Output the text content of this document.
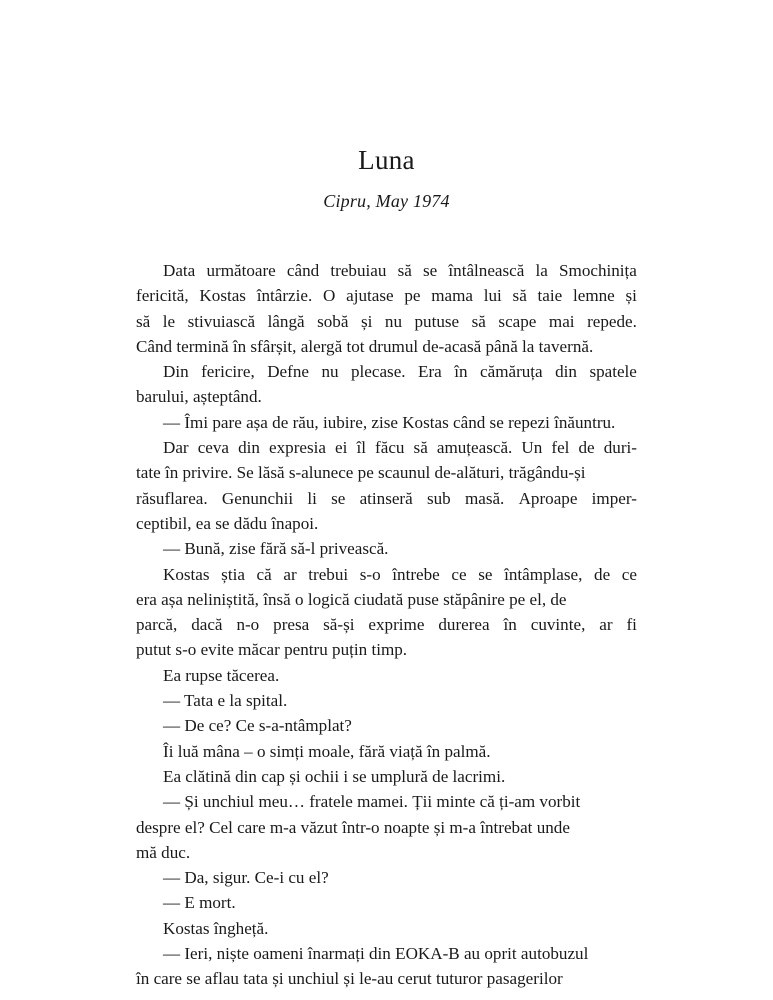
Luna
Cipru, May 1974
Data următoare când trebuiau să se întâlnească la Smochinița
fericită, Kostas întârzie. O ajutase pe mama lui să taie lemne și
să le stivuiască lângă sobă și nu putuse să scape mai repede.
Când termină în sfârșit, alergă tot drumul de-acasă până la tavernă.
Din fericire, Defne nu plecase. Era în cămăruța din spatele
barului, așteptând.
— Îmi pare așa de rău, iubire, zise Kostas când se repezi înăuntru.
Dar ceva din expresia ei îl făcu să amuțească. Un fel de duri-
tate în privire. Se lăsă s-alunece pe scaunul de-alături, trăgându-și
răsuflarea. Genunchii li se atinseră sub masă. Aproape imper-
ceptibil, ea se dădu înapoi.
— Bună, zise fără să-l privească.
Kostas știa că ar trebui s-o întrebe ce se întâmplase, de ce
era așa neliniștită, însă o logică ciudată puse stăpânire pe el, de
parcă, dacă n-o presa să-și exprime durerea în cuvinte, ar fi
putut s-o evite măcar pentru puțin timp.
Ea rupse tăcerea.
— Tata e la spital.
— De ce? Ce s-a-ntâmplat?
Îi luă mâna – o simți moale, fără viață în palmă.
Ea clătină din cap și ochii i se umplură de lacrimi.
— Și unchiul meu… fratele mamei. Ții minte că ți-am vorbit
despre el? Cel care m-a văzut într-o noapte și m-a întrebat unde
mă duc.
— Da, sigur. Ce-i cu el?
— E mort.
Kostas îngheță.
— Ieri, niște oameni înarmați din EOKA-B au oprit autobuzul
în care se aflau tata și unchiul și le-au cerut tuturor pasagerilor
